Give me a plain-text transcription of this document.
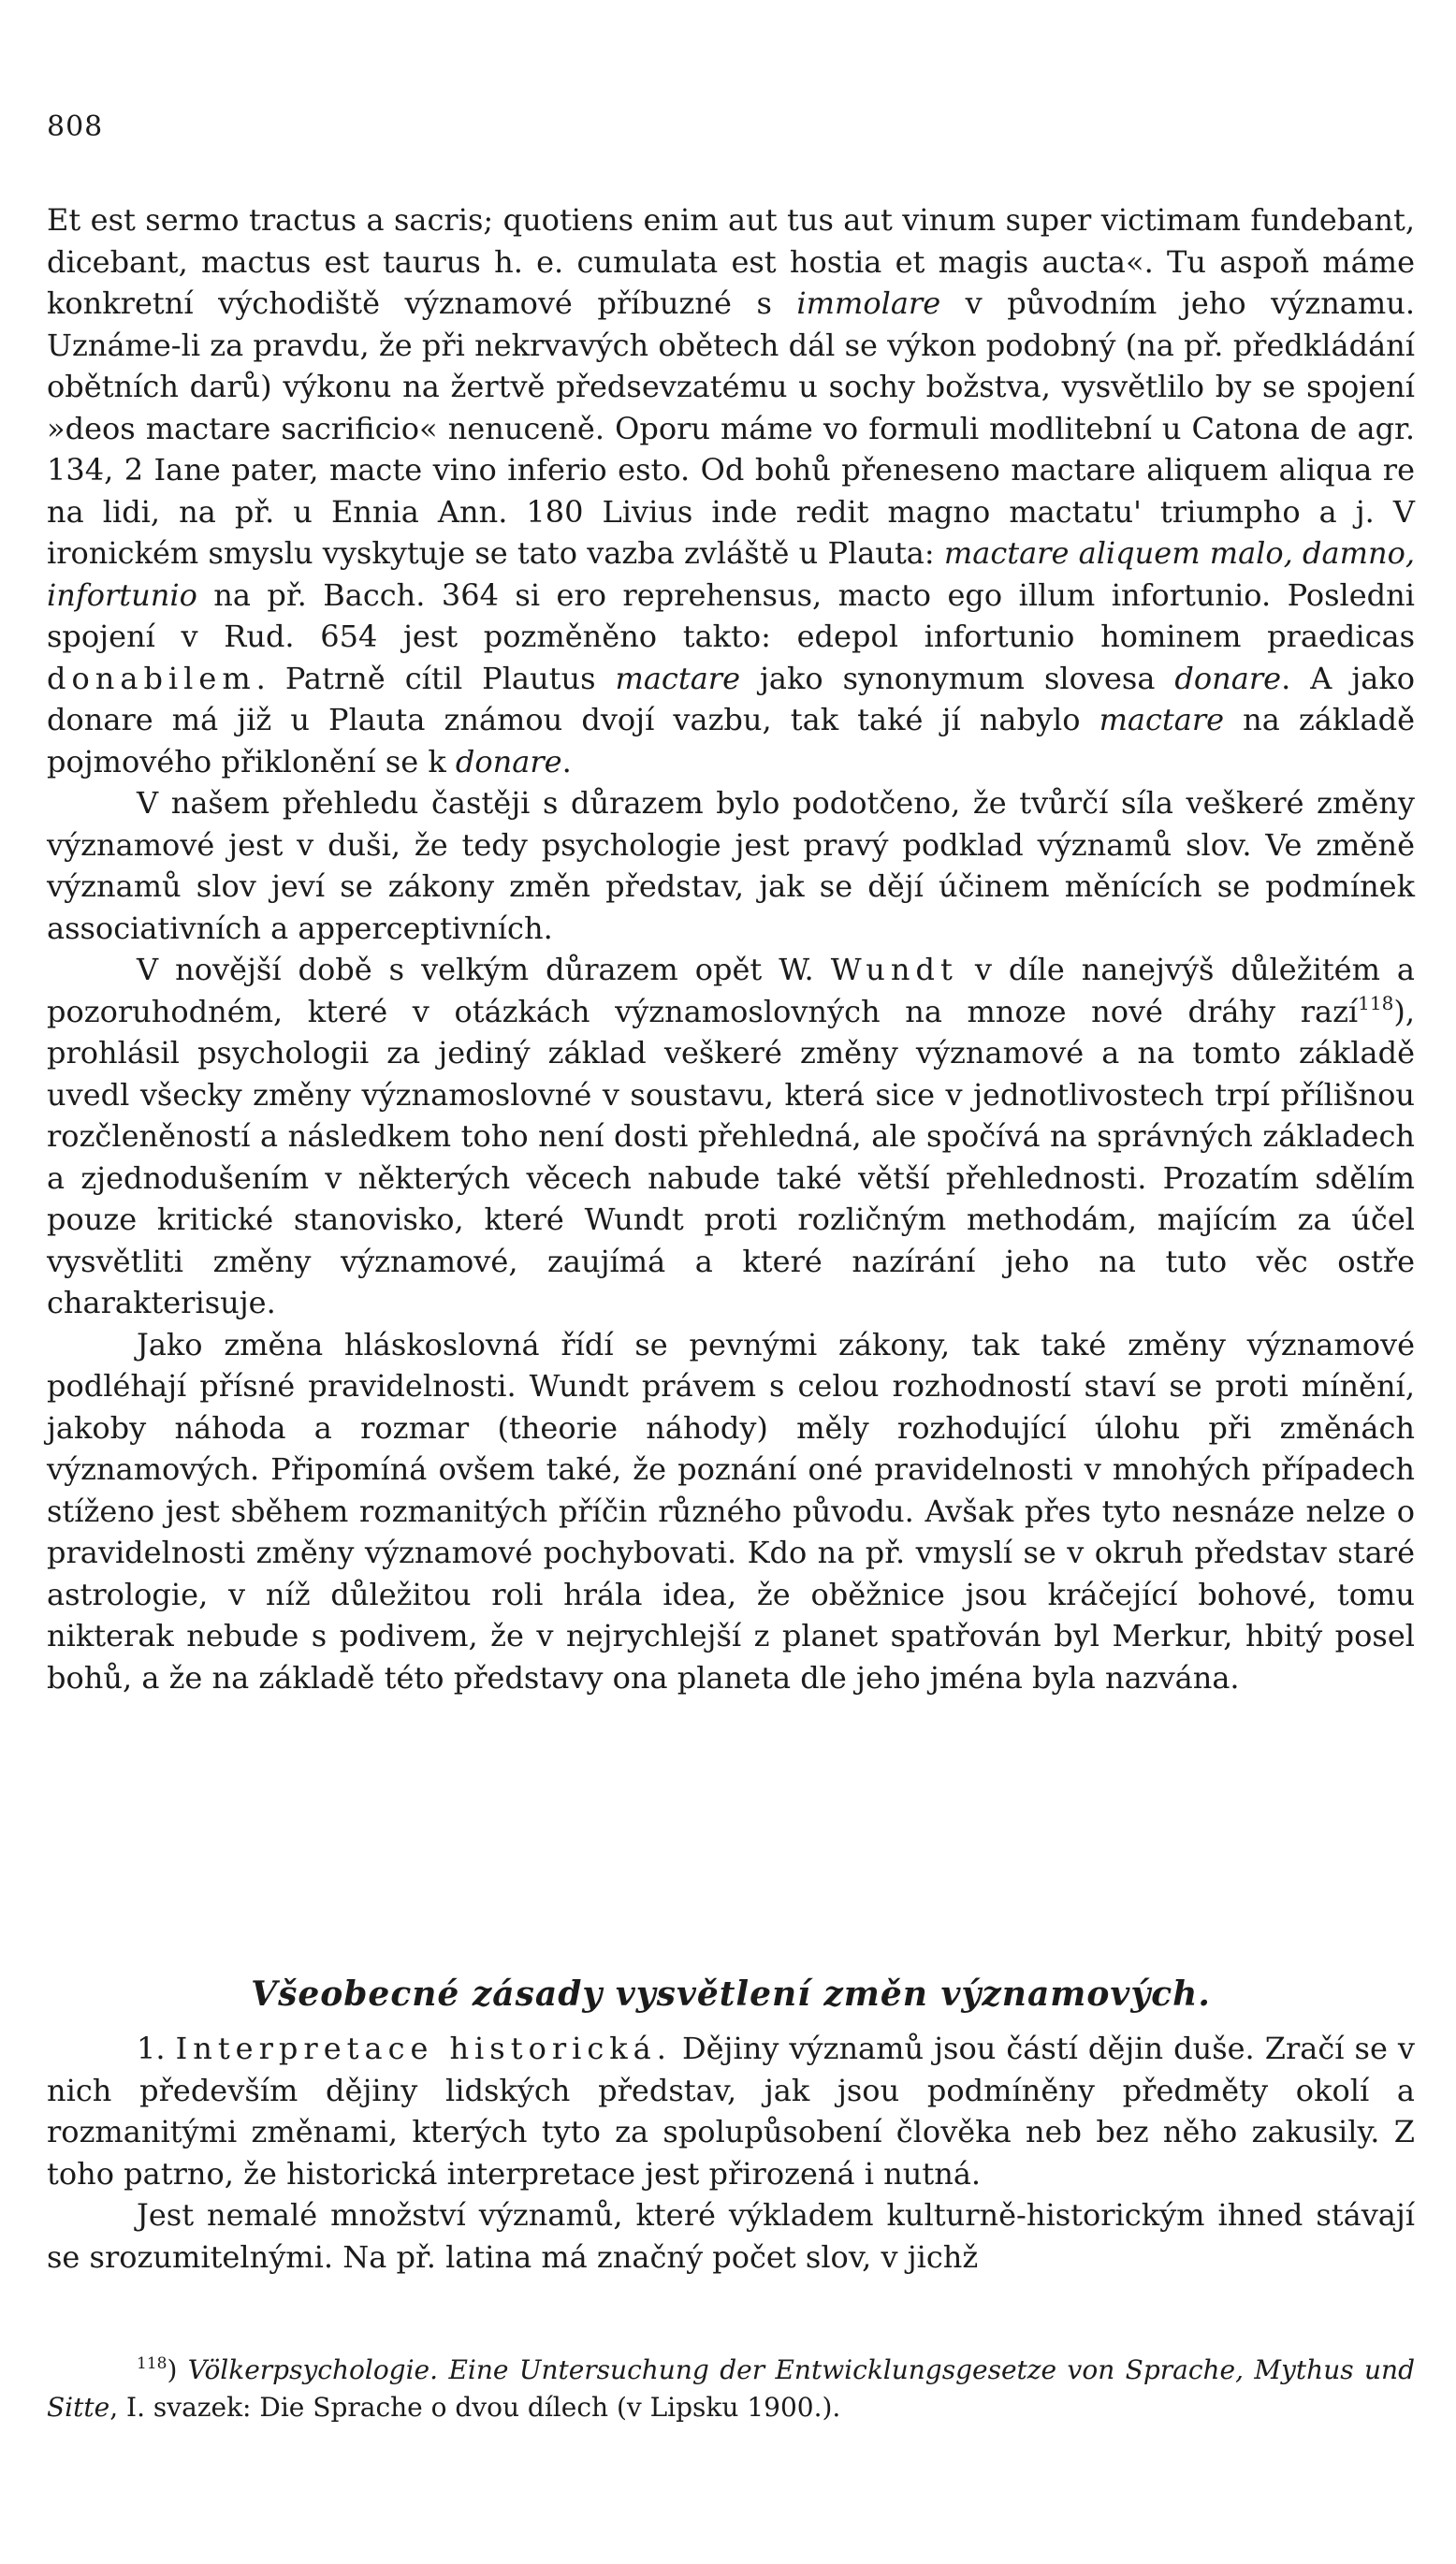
808

Et est sermo tractus a sacris; quotiens enim aut tus aut vinum super victimam fundebant, dicebant, mactus est taurus h. e. cumulata est hostia et magis aucta«. Tu aspoň máme konkretní východiště významové příbuzné s immolare v původním jeho významu. Uznáme-li za pravdu, že při nekrvavých obětech dál se výkon podobný (na př. předkládání obětních darů) výkonu na žertvě předsevzatému u sochy božstva, vysvětlilo by se spojení »deos mactare sacrificio« nenuceně. Oporu máme vo formuli modlitební u Catona de agr. 134, 2 Iane pater, macte vino inferio esto. Od bohů přeneseno mactare aliquem aliqua re na lidi, na př. u Ennia Ann. 180 Livius inde redit magno mactatu' triumpho a j. V ironickém smyslu vyskytuje se tato vazba zvláště u Plauta: mactare aliquem malo, damno, infortunio na př. Bacch. 364 si ero reprehensus, macto ego illum infortunio. Posledni spojení v Rud. 654 jest pozměněno takto: edepol infortunio hominem praedicas donabilem. Patrně cítil Plautus mactare jako synonymum slovesa donare. A jako donare má již u Plauta známou dvojí vazbu, tak také jí nabylo mactare na základě pojmového přiklonění se k donare.

V našem přehledu častěji s důrazem bylo podotčeno, že tvůrčí síla veškeré změny významové jest v duši, že tedy psychologie jest pravý podklad významů slov. Ve změně významů slov jeví se zákony změn představ, jak se dějí účinem měnících se podmínek associativních a apperceptivních.

V novější době s velkým důrazem opět W. Wundt v díle nanejvýš důležitém a pozoruhodném, které v otázkách významoslovných na mnoze nové dráhy razí$^{118}$), prohlásil psychologii za jediný základ veškeré změny významové a na tomto základě uvedl všecky změny významoslovné v soustavu, která sice v jednotlivostech trpí přílišnou rozčleněností a následkem toho není dosti přehledná, ale spočívá na správných základech a zjednodušením v některých věcech nabude také větší přehlednosti. Prozatím sdělím pouze kritické stanovisko, které Wundt proti rozličným methodám, majícím za účel vysvětliti změny významové, zaujímá a které nazírání jeho na tuto věc ostře charakterisuje.

Jako změna hláskoslovná řídí se pevnými zákony, tak také změny významové podléhají přísné pravidelnosti. Wundt právem s celou rozhodností staví se proti mínění, jakoby náhoda a rozmar (theorie náhody) měly rozhodující úlohu při změnách významových. Připomíná ovšem také, že poznání oné pravidelnosti v mnohých případech stíženo jest sběhem rozmanitých příčin různého původu. Avšak přes tyto nesnáze nelze o pravidelnosti změny významové pochybovati. Kdo na př. vmyslí se v okruh představ staré astrologie, v níž důležitou roli hrála idea, že oběžnice jsou kráčející bohové, tomu nikterak nebude s podivem, že v nejrychlejší z planet spatřován byl Merkur, hbitý posel bohů, a že na základě této představy ona planeta dle jeho jména byla nazvána.

Všeobecné zásady vysvětlení změn významových.

1. Interpretace historická. Dějiny významů jsou částí dějin duše. Zračí se v nich především dějiny lidských představ, jak jsou podmíněny předměty okolí a rozmanitými změnami, kterých tyto za spolupůsobení člověka neb bez něho zakusily. Z toho patrno, že historická interpretace jest přirozená i nutná.

Jest nemalé množství významů, které výkladem kulturně-historickým ihned stávají se srozumitelnými. Na př. latina má značný počet slov, v jichž

$^{118}$) Völkerpsychologie. Eine Untersuchung der Entwicklungsgesetze von Sprache, Mythus und Sitte, I. svazek: Die Sprache o dvou dílech (v Lipsku 1900.).
